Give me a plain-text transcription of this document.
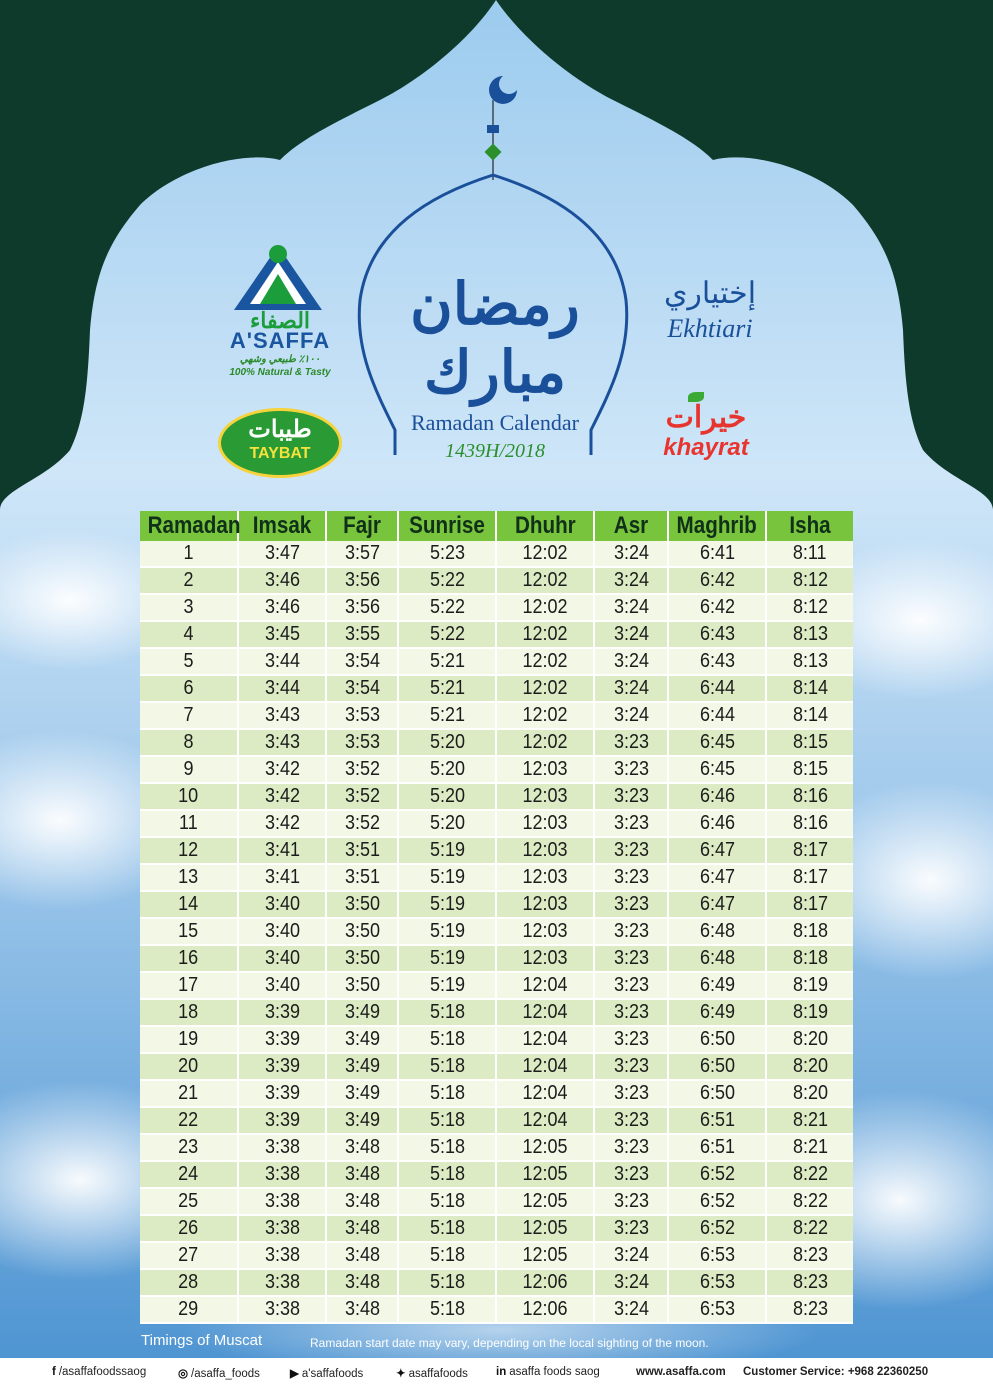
الصفاء
A'SAFFA
١٠٠٪ طبيعي وشهي
100% Natural & Tasty
طيبات
TAYBAT
رمضان مبارك
Ramadan Calendar
1439H/2018
إختياري
Ekhtiari
خيرات
khayrat
Ramadan	Imsak	Fajr	Sunrise	Dhuhr	Asr	Maghrib	Isha
1	3:47	3:57	5:23	12:02	3:24	6:41	8:11
2	3:46	3:56	5:22	12:02	3:24	6:42	8:12
3	3:46	3:56	5:22	12:02	3:24	6:42	8:12
4	3:45	3:55	5:22	12:02	3:24	6:43	8:13
5	3:44	3:54	5:21	12:02	3:24	6:43	8:13
6	3:44	3:54	5:21	12:02	3:24	6:44	8:14
7	3:43	3:53	5:21	12:02	3:24	6:44	8:14
8	3:43	3:53	5:20	12:02	3:23	6:45	8:15
9	3:42	3:52	5:20	12:03	3:23	6:45	8:15
10	3:42	3:52	5:20	12:03	3:23	6:46	8:16
11	3:42	3:52	5:20	12:03	3:23	6:46	8:16
12	3:41	3:51	5:19	12:03	3:23	6:47	8:17
13	3:41	3:51	5:19	12:03	3:23	6:47	8:17
14	3:40	3:50	5:19	12:03	3:23	6:47	8:17
15	3:40	3:50	5:19	12:03	3:23	6:48	8:18
16	3:40	3:50	5:19	12:03	3:23	6:48	8:18
17	3:40	3:50	5:19	12:04	3:23	6:49	8:19
18	3:39	3:49	5:18	12:04	3:23	6:49	8:19
19	3:39	3:49	5:18	12:04	3:23	6:50	8:20
20	3:39	3:49	5:18	12:04	3:23	6:50	8:20
21	3:39	3:49	5:18	12:04	3:23	6:50	8:20
22	3:39	3:49	5:18	12:04	3:23	6:51	8:21
23	3:38	3:48	5:18	12:05	3:23	6:51	8:21
24	3:38	3:48	5:18	12:05	3:23	6:52	8:22
25	3:38	3:48	5:18	12:05	3:23	6:52	8:22
26	3:38	3:48	5:18	12:05	3:23	6:52	8:22
27	3:38	3:48	5:18	12:05	3:24	6:53	8:23
28	3:38	3:48	5:18	12:06	3:24	6:53	8:23
29	3:38	3:48	5:18	12:06	3:24	6:53	8:23
Timings of Muscat	Ramadan start date may vary, depending on the local sighting of the moon.
f /asaffafoodssaog	◎ /asaffa_foods	▶ a'saffafoods	✦ asaffafoods in asaffa foods saog	www.asaffa.com Customer Service: +968 22360250
